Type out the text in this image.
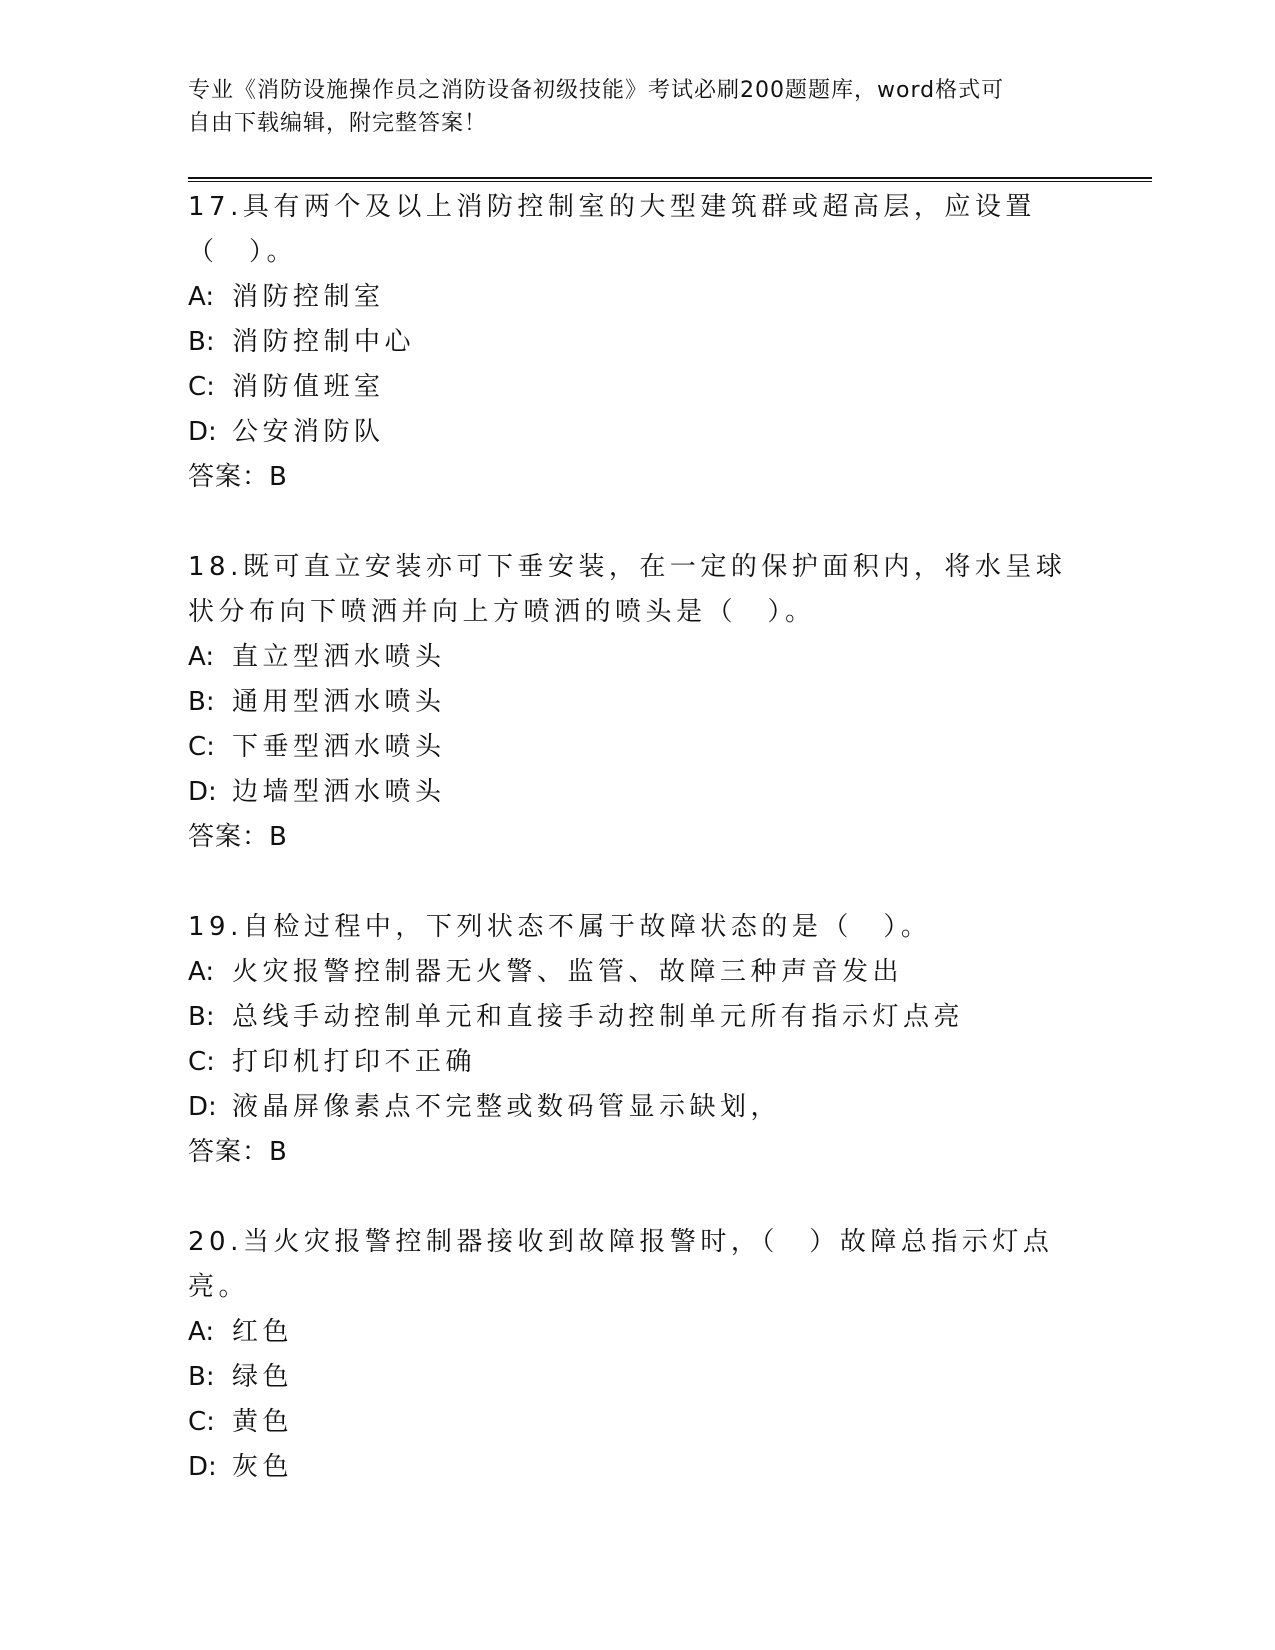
专业《消防设施操作员之消防设备初级技能》考试必刷200题题库，word格式可
自由下载编辑，附完整答案！
17.具有两个及以上消防控制室的大型建筑群或超高层，应设置（　）。
A: 消防控制室
B: 消防控制中心
C: 消防值班室
D: 公安消防队
答案：B
18.既可直立安装亦可下垂安装，在一定的保护面积内，将水呈球状分布向下喷洒并向上方喷洒的喷头是（　）。
A: 直立型洒水喷头
B: 通用型洒水喷头
C: 下垂型洒水喷头
D: 边墙型洒水喷头
答案：B
19.自检过程中，下列状态不属于故障状态的是（　）。
A: 火灾报警控制器无火警、监管、故障三种声音发出
B: 总线手动控制单元和直接手动控制单元所有指示灯点亮
C: 打印机打印不正确
D: 液晶屏像素点不完整或数码管显示缺划，
答案：B
20.当火灾报警控制器接收到故障报警时，（　）故障总指示灯点亮。
A: 红色
B: 绿色
C: 黄色
D: 灰色
